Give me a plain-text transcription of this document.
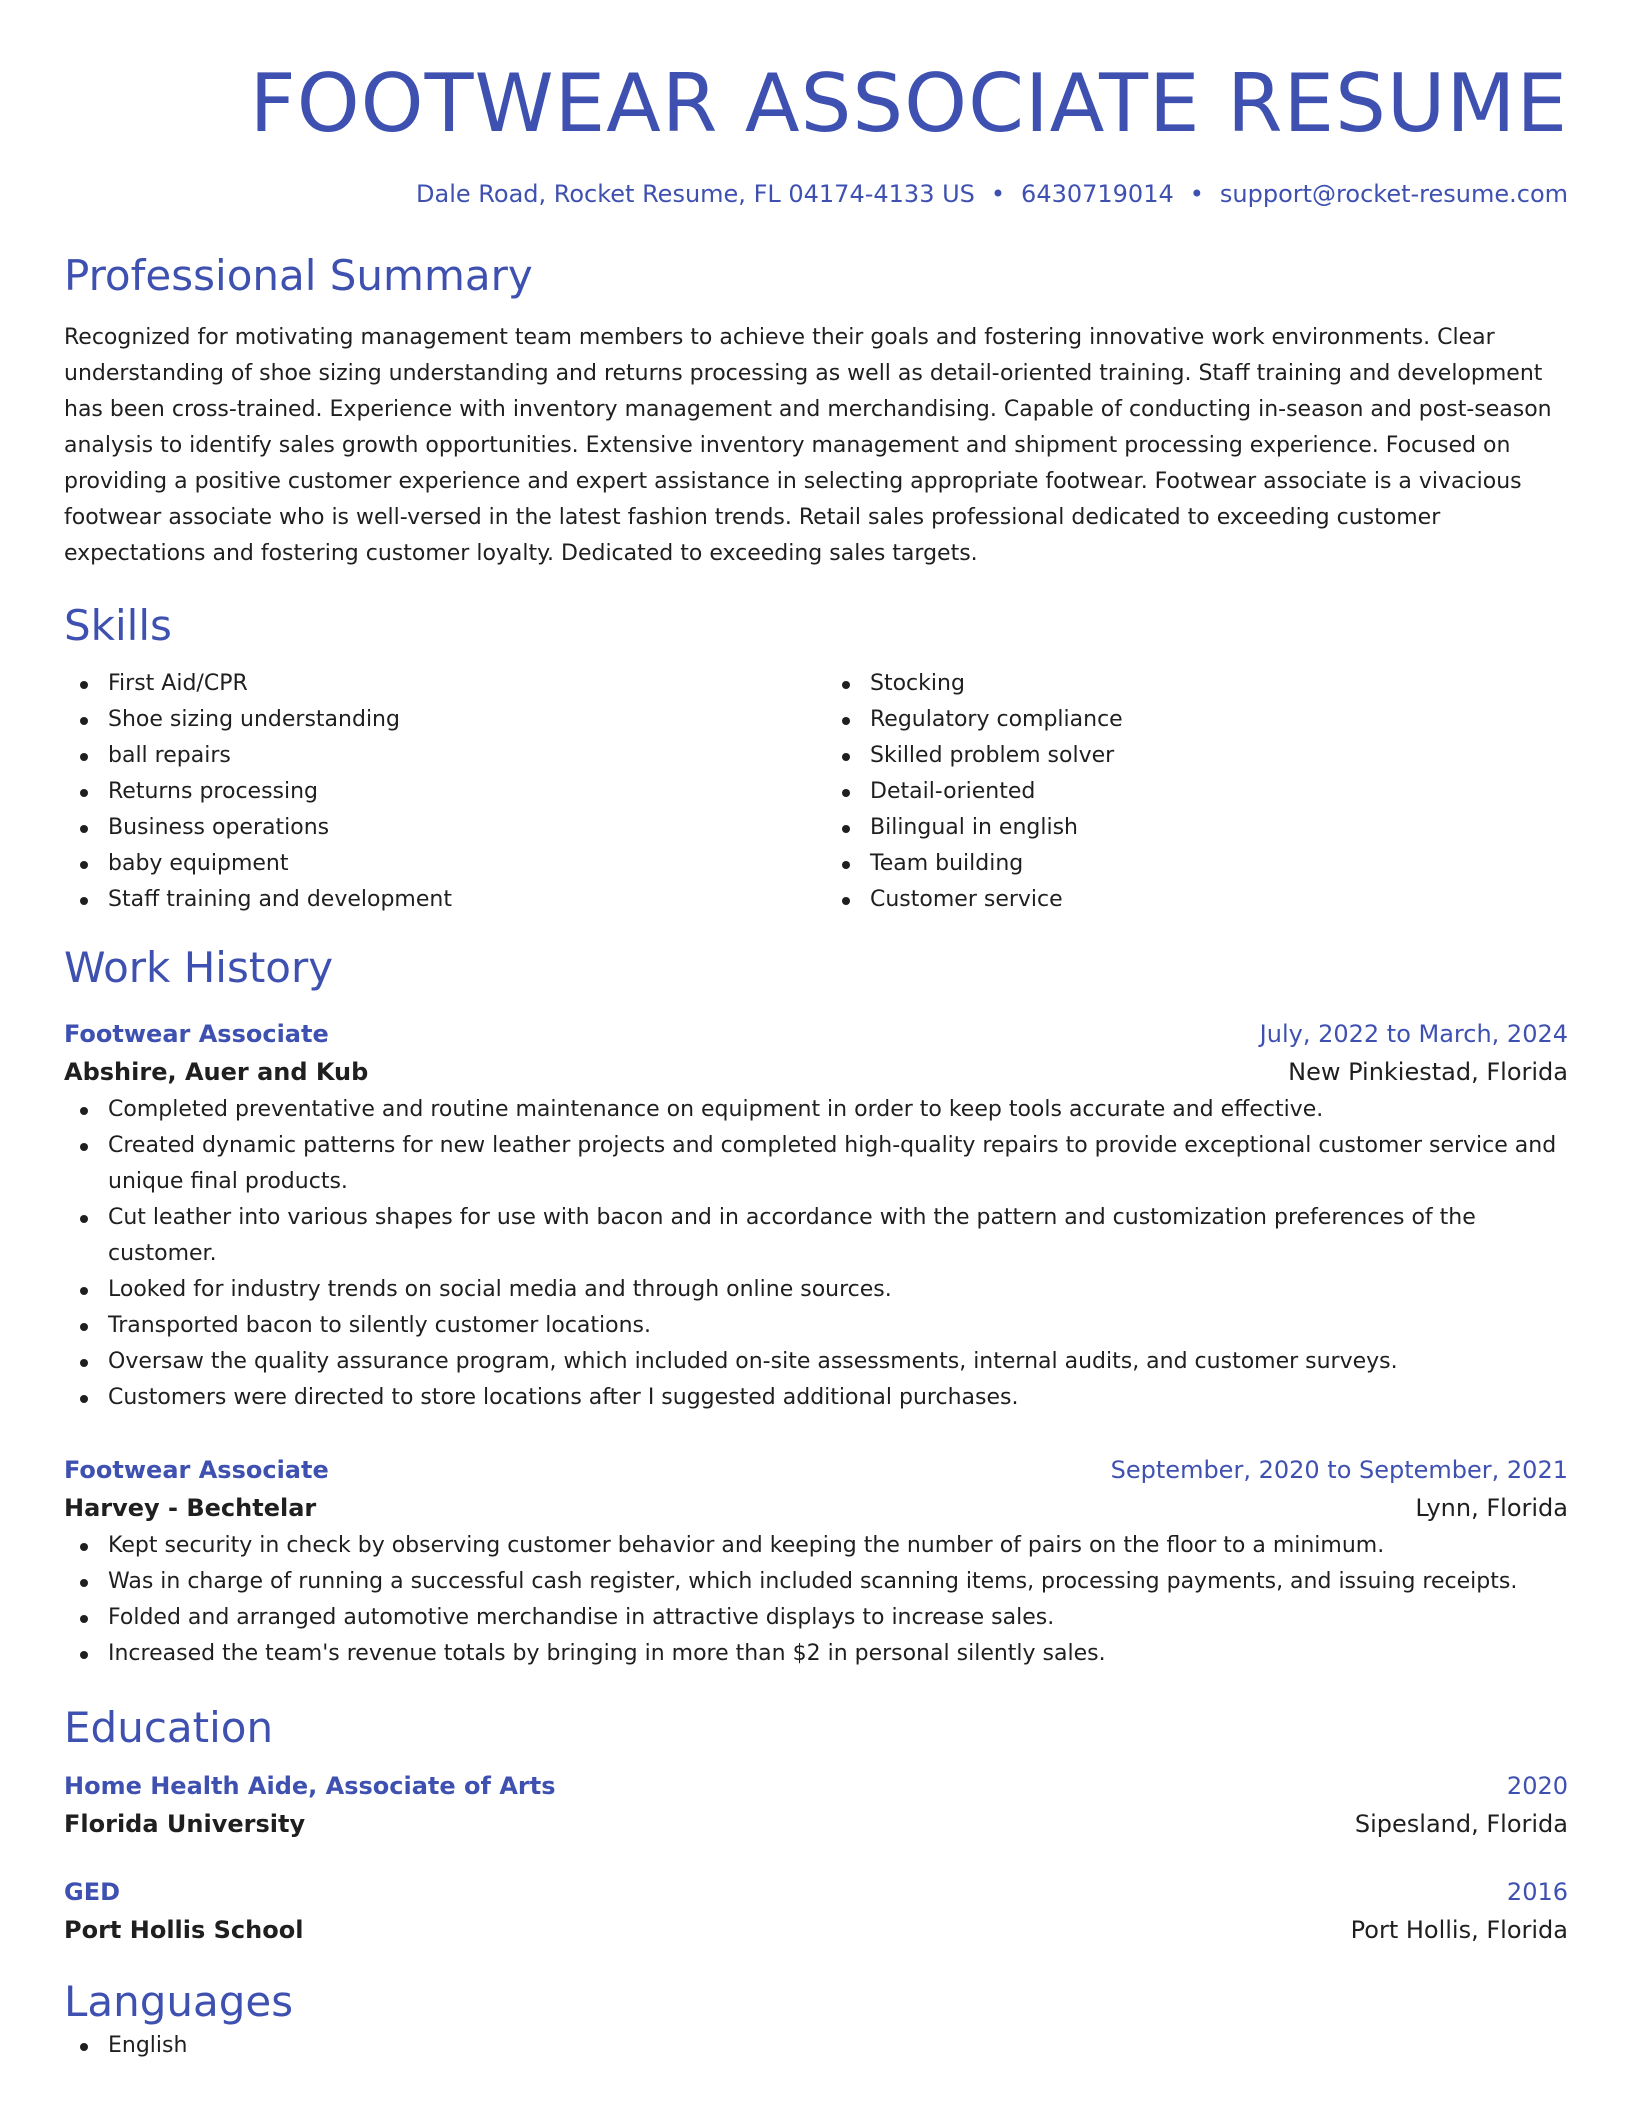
FOOTWEAR ASSOCIATE RESUME
Dale Road, Rocket Resume, FL 04174-4133 US • 6430719014 • support@rocket-resume.com
Professional Summary

Recognized for motivating management team members to achieve their goals and fostering innovative work environments. Clear understanding of shoe sizing understanding and returns processing as well as detail-oriented training. Staff training and development has been cross-trained. Experience with inventory management and merchandising. Capable of conducting in-season and post-season analysis to identify sales growth opportunities. Extensive inventory management and shipment processing experience. Focused on providing a positive customer experience and expert assistance in selecting appropriate footwear. Footwear associate is a vivacious footwear associate who is well-versed in the latest fashion trends. Retail sales professional dedicated to exceeding customer expectations and fostering customer loyalty. Dedicated to exceeding sales targets.

Skills
First Aid/CPR
Shoe sizing understanding
ball repairs
Returns processing
Business operations
baby equipment
Staff training and development
Stocking
Regulatory compliance
Skilled problem solver
Detail-oriented
Bilingual in english
Team building
Customer service
Work History
Footwear Associate	July, 2022 to March, 2024
Abshire, Auer and Kub	New Pinkiestad, Florida
Completed preventative and routine maintenance on equipment in order to keep tools accurate and effective.
Created dynamic patterns for new leather projects and completed high-quality repairs to provide exceptional customer service and unique final products.
Cut leather into various shapes for use with bacon and in accordance with the pattern and customization preferences of the customer.
Looked for industry trends on social media and through online sources.
Transported bacon to silently customer locations.
Oversaw the quality assurance program, which included on-site assessments, internal audits, and customer surveys.
Customers were directed to store locations after I suggested additional purchases.
Footwear Associate	September, 2020 to September, 2021
Harvey - Bechtelar	Lynn, Florida
Kept security in check by observing customer behavior and keeping the number of pairs on the floor to a minimum.
Was in charge of running a successful cash register, which included scanning items, processing payments, and issuing receipts.
Folded and arranged automotive merchandise in attractive displays to increase sales.
Increased the team's revenue totals by bringing in more than $2 in personal silently sales.
Education
Home Health Aide, Associate of Arts	2020
Florida University	Sipesland, Florida
GED	2016
Port Hollis School	Port Hollis, Florida
Languages
English
